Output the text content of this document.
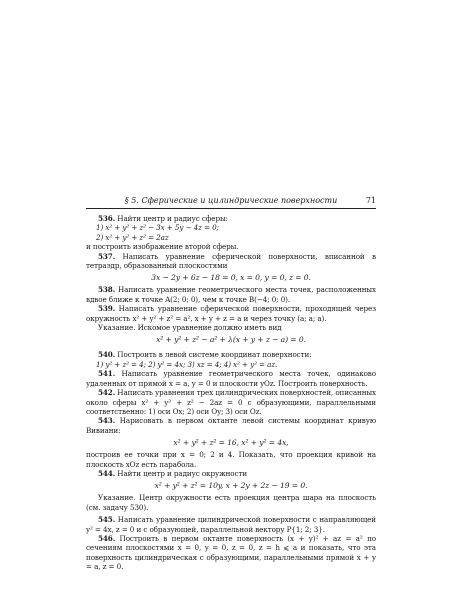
§ 5. Сферические и цилиндрические поверхности	71

536. Найти центр и радиус сферы:

1) x² + y² + z² − 3x + 5y − 4z = 0;

2) x² + y² + z² = 2az

и построить изображение второй сферы.

537. Написать уравнение сферической поверхности, вписанной в тетраэдр, образованный плоскостями

3x − 2y + 6z − 18 = 0, x = 0, y = 0, z = 0.

538. Написать уравнение геометрического места точек, расположенных вдвое ближе к точке A(2; 0; 0), чем к точке B(−4; 0; 0).

539. Написать уравнение сферической поверхности, проходящей через окружность x² + y² + z² = a², x + y + z = a и через точку (a; a; a).

Указание. Искомое уравнение должно иметь вид

x² + y² + z² − a² + λ(x + y + z − a) = 0.

540. Построить в левой системе координат поверхности:

1) y² + z² = 4; 2) y² = 4x; 3) xz = 4; 4) x² + y² = az.

541. Написать уравнение геометрического места точек, одинаково удаленных от прямой x = a, y = 0 и плоскости yOz. Построить поверхность.

542. Написать уравнения трех цилиндрических поверхностей, описанных около сферы x² + y² + z² − 2az = 0 с образующими, параллельными соответственно: 1) оси Ox; 2) оси Oy; 3) оси Oz.

543. Нарисовать в первом октанте левой системы координат кривую Вивиани:

x² + y² + z² = 16, x² + y² = 4x,

построив ее точки при x = 0; 2 и 4. Показать, что проекция кривой на плоскость xOz есть парабола.

544. Найти центр и радиус окружности

x² + y² + z² = 10y, x + 2y + 2z − 19 = 0.

Указание. Центр окружности есть проекция центра шара на плоскость (см. задачу 530).

545. Написать уравнение цилиндрической поверхности с направляющей y² = 4x, z = 0 и с образующей, параллельной вектору P{1; 2; 3}.

546. Построить в первом октанте поверхность (x + y)² + az = a² по сечениям плоскостями x = 0, y = 0, z = 0, z = h ⩽ a и показать, что эта поверхность цилиндрическая с образующими, параллельными прямой x + y = a, z = 0.
